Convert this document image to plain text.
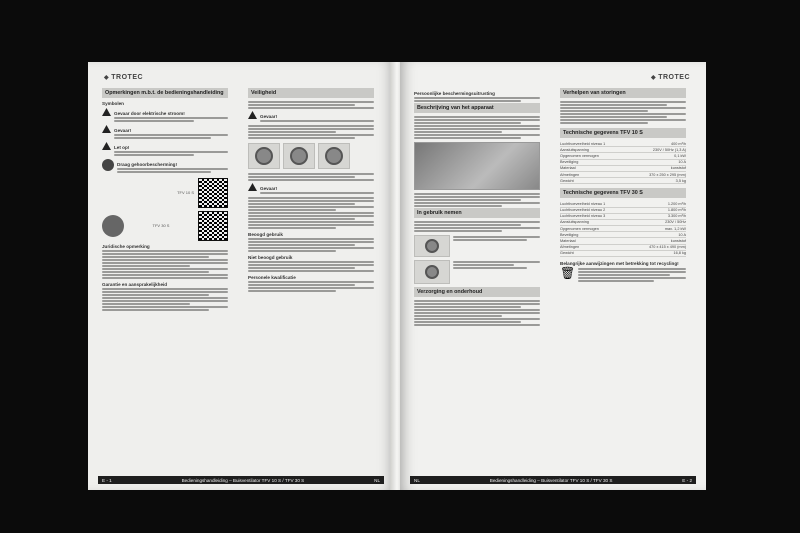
◆ TROTEC
Opmerkingen m.b.t. de bedieningshandleiding
Symbolen
Gevaar door elektrische stroom!
Gevaar!
Let op!
Draag gehoorbescherming!
TFV 10 S
TFV 30 S
Juridische opmerking
Garantie en aansprakelijkheid
Veiligheid
Gevaar!
Gevaar!
Beoogd gebruik
Niet beoogd gebruik
Personele kwalificatie
E - 1	Bedieningshandleiding – Buisventilator TFV 10 S / TFV 30 S	NL
◆ TROTEC
Persoonlijke beschermingsuitrusting
Beschrijving van het apparaat
In gebruik nemen
Verzorging en onderhoud
Verhelpen van storingen
Technische gegevens TFV 10 S
Luchthoeveelheid niveau 1	400 m³/h
Aansluitspanning	230V / 50Hz (1,3 A)
Opgenomen vermogen	0,1 kW
Beveiliging	10 A
Materiaal	kunststof
Afmetingen	370 x 250 x 295 (mm)
Gewicht	3,5 kg
Technische gegevens TFV 30 S
Luchthoeveelheid niveau 1	1.200 m³/h
Luchthoeveelheid niveau 2	1.800 m³/h
Luchthoeveelheid niveau 3	3.300 m³/h
Aansluitspanning	230V / 50Hz
Opgenomen vermogen	max. 1,2 kW
Beveiliging	10 A
Materiaal	kunststof
Afmetingen	470 x 415 x 490 (mm)
Gewicht	16,8 kg
Belangrijke aanwijzingen met betrekking tot recycling!
🗑
NL	Bedieningshandleiding – Buisventilator TFV 10 S / TFV 30 S	E - 2
